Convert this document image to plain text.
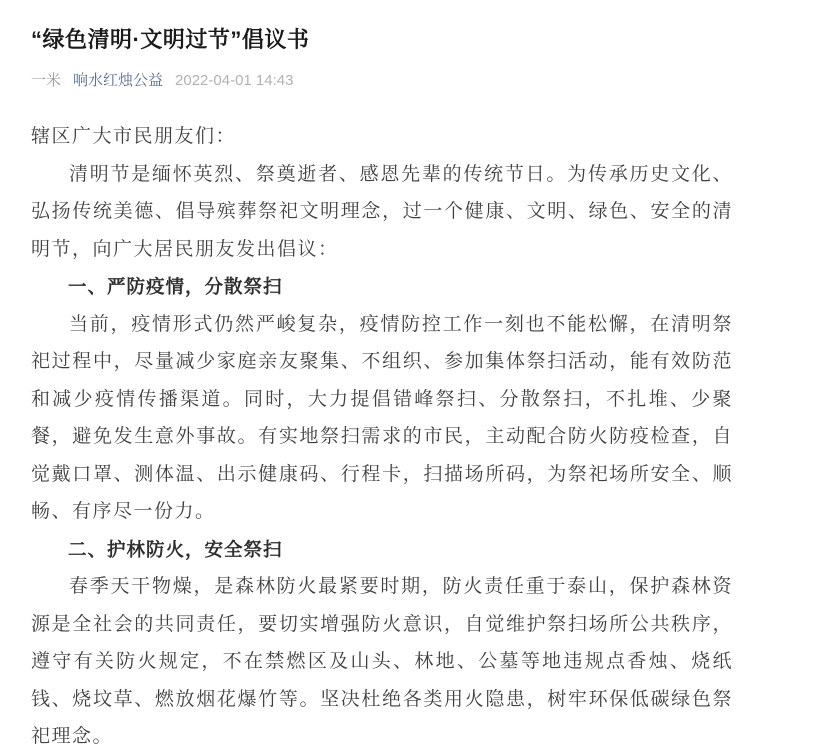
“绿色清明·文明过节”倡议书
一米 响水红烛公益 2022-04-01 14:43

辖区广大市民朋友们：

清明节是缅怀英烈、祭奠逝者、感恩先辈的传统节日。为传承历史文化、弘扬传统美德、倡导殡葬祭祀文明理念，过一个健康、文明、绿色、安全的清明节，向广大居民朋友发出倡议：

一、严防疫情，分散祭扫

当前，疫情形式仍然严峻复杂，疫情防控工作一刻也不能松懈，在清明祭祀过程中，尽量减少家庭亲友聚集、不组织、参加集体祭扫活动，能有效防范和减少疫情传播渠道。同时，大力提倡错峰祭扫、分散祭扫，不扎堆、少聚餐，避免发生意外事故。有实地祭扫需求的市民，主动配合防火防疫检查，自觉戴口罩、测体温、出示健康码、行程卡，扫描场所码，为祭祀场所安全、顺畅、有序尽一份力。

二、护林防火，安全祭扫

春季天干物燥，是森林防火最紧要时期，防火责任重于泰山，保护森林资源是全社会的共同责任，要切实增强防火意识，自觉维护祭扫场所公共秩序，遵守有关防火规定，不在禁燃区及山头、林地、公墓等地违规点香烛、烧纸钱、烧坟草、燃放烟花爆竹等。坚决杜绝各类用火隐患，树牢环保低碳绿色祭祀理念。
